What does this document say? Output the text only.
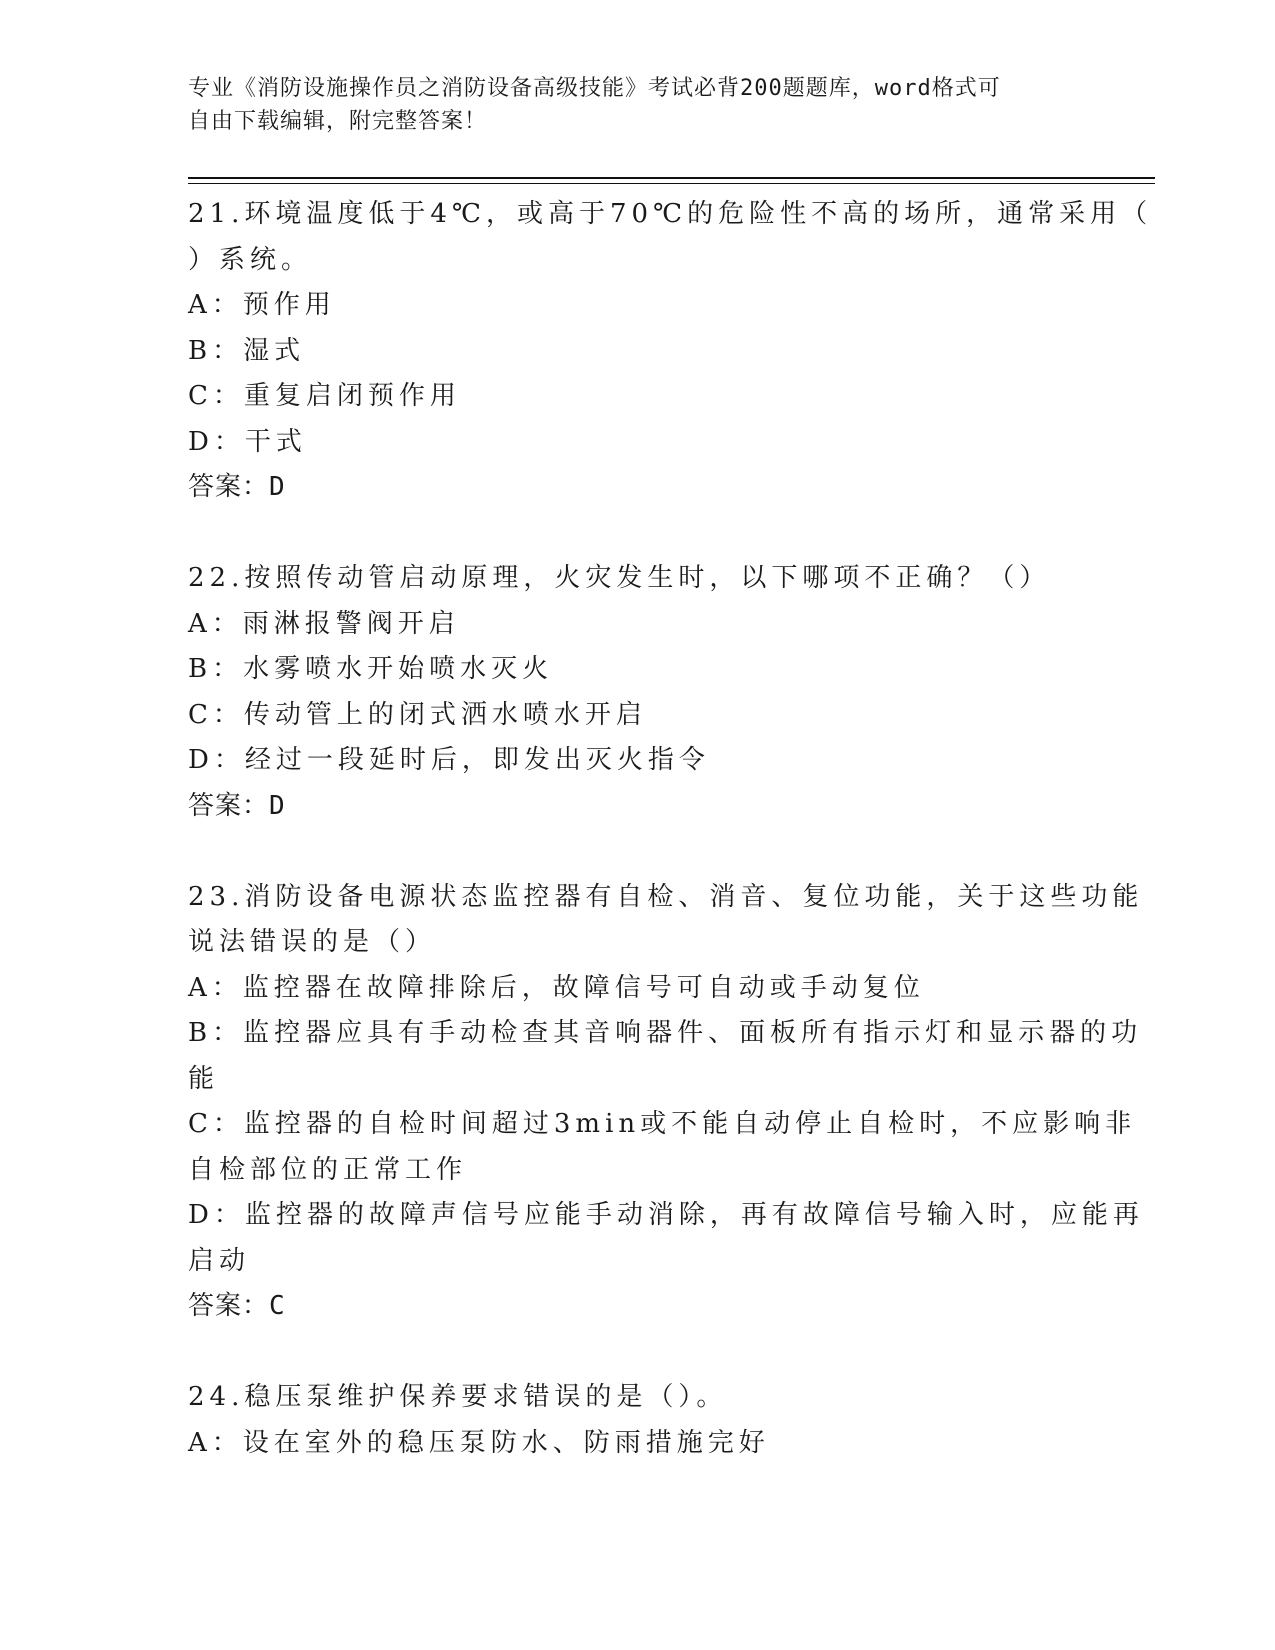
专业《消防设施操作员之消防设备高级技能》考试必背200题题库，word格式可
自由下载编辑，附完整答案！
21.环境温度低于4℃，或高于70℃的危险性不高的场所，通常采用（
）系统。
A：预作用
B：湿式
C：重复启闭预作用
D：干式
答案：D
22.按照传动管启动原理，火灾发生时，以下哪项不正确？（）
A：雨淋报警阀开启
B：水雾喷水开始喷水灭火
C：传动管上的闭式洒水喷水开启
D：经过一段延时后，即发出灭火指令
答案：D
23.消防设备电源状态监控器有自检、消音、复位功能，关于这些功能
说法错误的是（）
A：监控器在故障排除后，故障信号可自动或手动复位
B：监控器应具有手动检查其音响器件、面板所有指示灯和显示器的功
能
C：监控器的自检时间超过3min或不能自动停止自检时，不应影响非
自检部位的正常工作
D：监控器的故障声信号应能手动消除，再有故障信号输入时，应能再
启动
答案：C
24.稳压泵维护保养要求错误的是（）。
A：设在室外的稳压泵防水、防雨措施完好
